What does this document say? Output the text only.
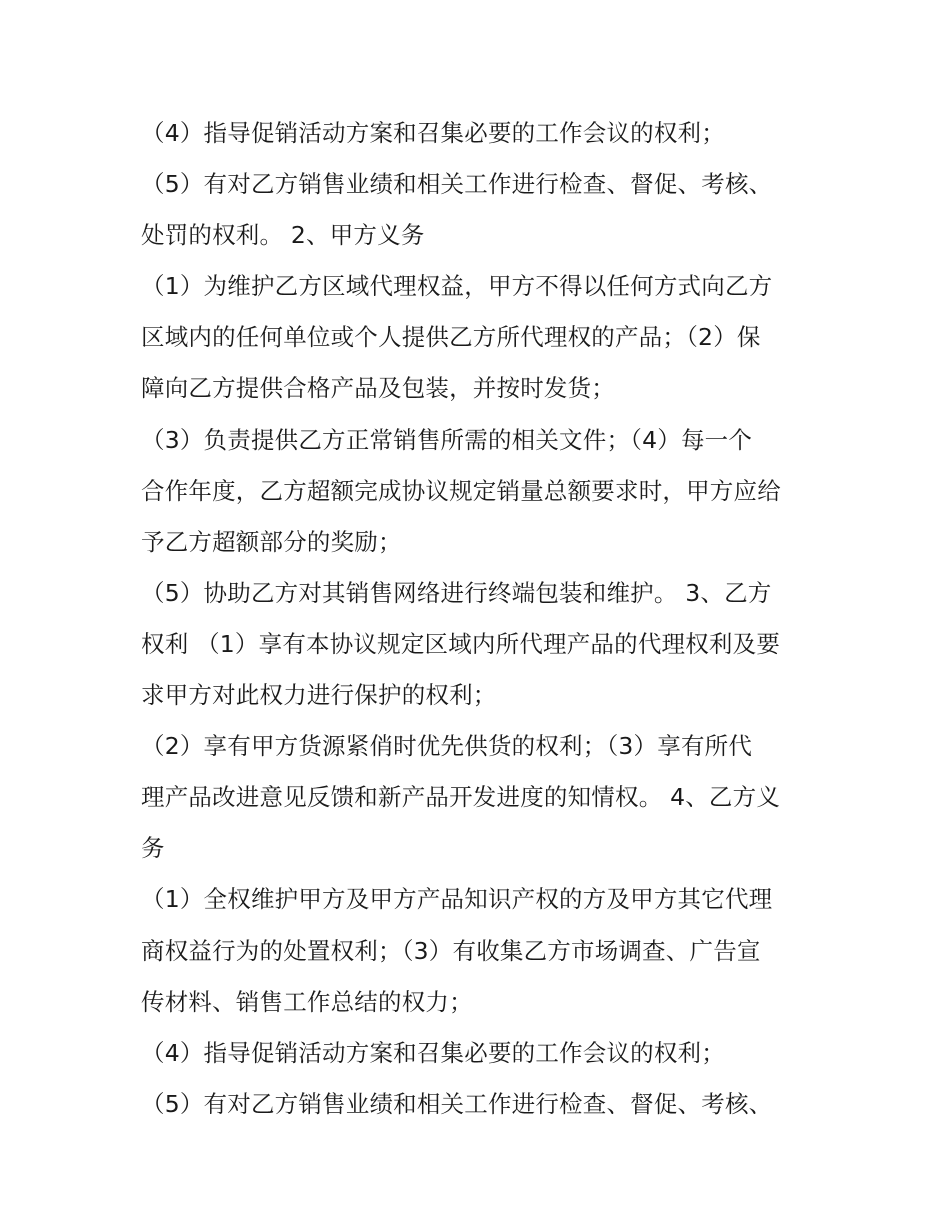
（4）指导促销活动方案和召集必要的工作会议的权利；
（5）有对乙方销售业绩和相关工作进行检查、督促、考核、
处罚的权利。 2、甲方义务
（1）为维护乙方区域代理权益，甲方不得以任何方式向乙方
区域内的任何单位或个人提供乙方所代理权的产品；（2）保
障向乙方提供合格产品及包装，并按时发货；
（3）负责提供乙方正常销售所需的相关文件；（4）每一个
合作年度，乙方超额完成协议规定销量总额要求时，甲方应给
予乙方超额部分的奖励；
（5）协助乙方对其销售网络进行终端包装和维护。 3、乙方
权利 （1）享有本协议规定区域内所代理产品的代理权利及要
求甲方对此权力进行保护的权利；
（2）享有甲方货源紧俏时优先供货的权利；（3）享有所代
理产品改进意见反馈和新产品开发进度的知情权。 4、乙方义
务
（1）全权维护甲方及甲方产品知识产权的方及甲方其它代理
商权益行为的处置权利；（3）有收集乙方市场调查、广告宣
传材料、销售工作总结的权力；
（4）指导促销活动方案和召集必要的工作会议的权利；
（5）有对乙方销售业绩和相关工作进行检查、督促、考核、
